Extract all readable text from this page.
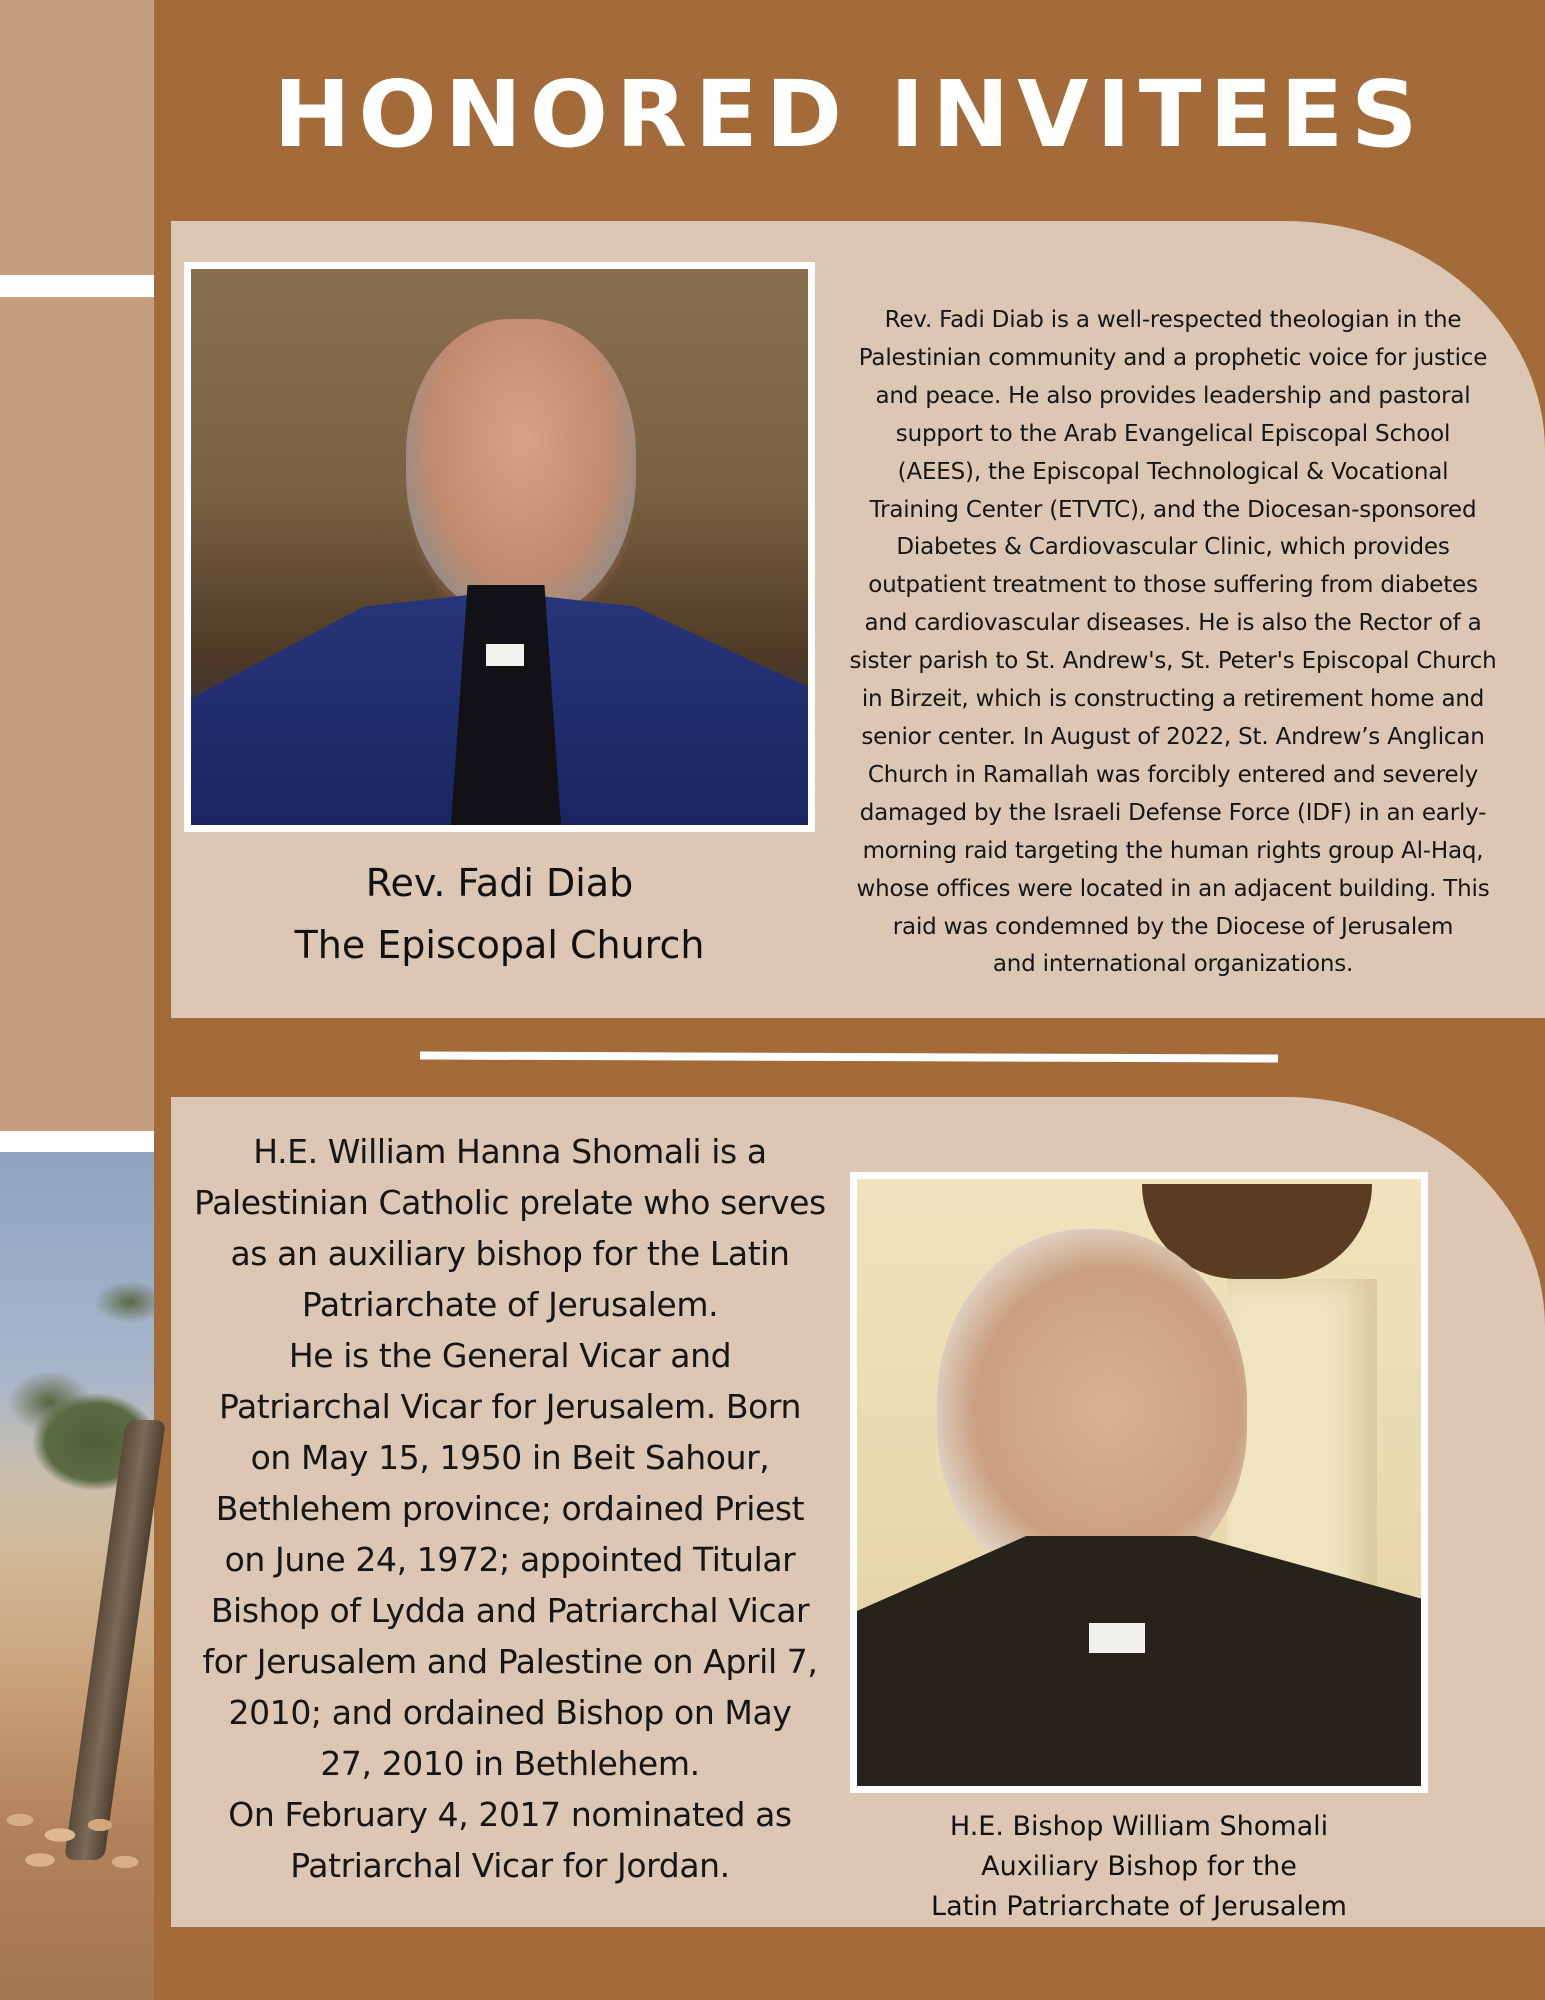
HONORED INVITEES
Rev. Fadi Diab
The Episcopal Church
Rev. Fadi Diab is a well-respected theologian in the
Palestinian community and a prophetic voice for justice
and peace. He also provides leadership and pastoral
support to the Arab Evangelical Episcopal School
(AEES), the Episcopal Technological & Vocational
Training Center (ETVTC), and the Diocesan-sponsored
Diabetes & Cardiovascular Clinic, which provides
outpatient treatment to those suffering from diabetes
and cardiovascular diseases. He is also the Rector of a
sister parish to St. Andrew's, St. Peter's Episcopal Church
in Birzeit, which is constructing a retirement home and
senior center. In August of 2022, St. Andrew’s Anglican
Church in Ramallah was forcibly entered and severely
damaged by the Israeli Defense Force (IDF) in an early-
morning raid targeting the human rights group Al-Haq,
whose offices were located in an adjacent building. This
raid was condemned by the Diocese of Jerusalem
and international organizations.
H.E. William Hanna Shomali is a
Palestinian Catholic prelate who serves
as an auxiliary bishop for the Latin
Patriarchate of Jerusalem.
He is the General Vicar and
Patriarchal Vicar for Jerusalem. Born
on May 15, 1950 in Beit Sahour,
Bethlehem province; ordained Priest
on June 24, 1972; appointed Titular
Bishop of Lydda and Patriarchal Vicar
for Jerusalem and Palestine on April 7,
2010; and ordained Bishop on May
27, 2010 in Bethlehem.
On February 4, 2017 nominated as
Patriarchal Vicar for Jordan.
H.E. Bishop William Shomali
Auxiliary Bishop for the
Latin Patriarchate of Jerusalem
